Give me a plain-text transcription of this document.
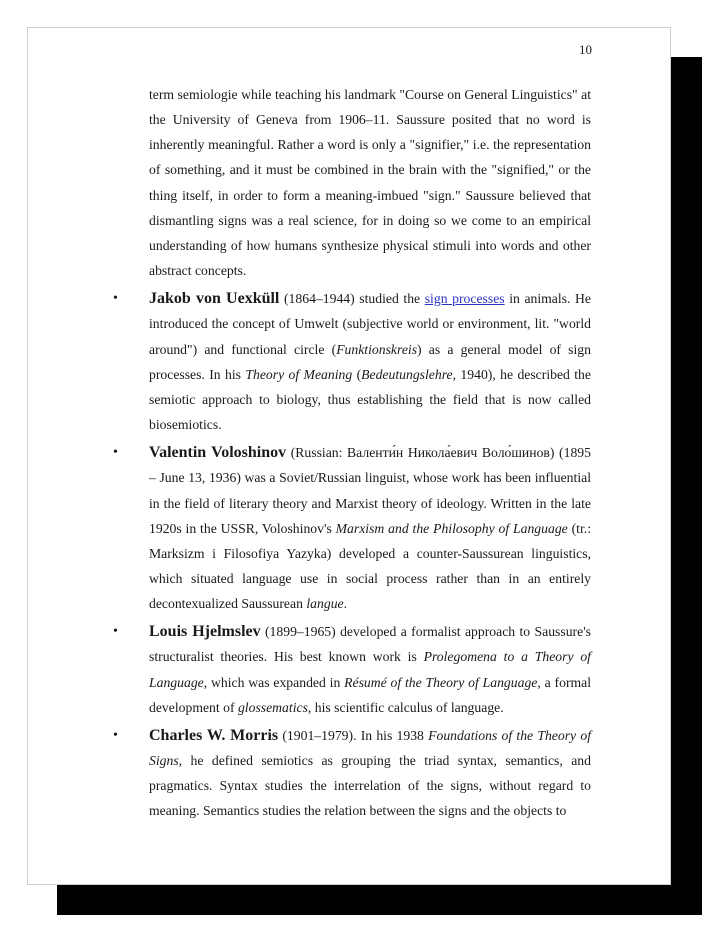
10

term semiologie while teaching his landmark "Course on General Linguistics" at the University of Geneva from 1906–11. Saussure posited that no word is inherently meaningful. Rather a word is only a "signifier," i.e. the representation of something, and it must be combined in the brain with the "signified," or the thing itself, in order to form a meaning-imbued "sign." Saussure believed that dismantling signs was a real science, for in doing so we come to an empirical understanding of how humans synthesize physical stimuli into words and other abstract concepts.

• Jakob von Uexküll (1864–1944) studied the sign processes in animals. He introduced the concept of Umwelt (subjective world or environment, lit. "world around") and functional circle (Funktionskreis) as a general model of sign processes. In his Theory of Meaning (Bedeutungslehre, 1940), he described the semiotic approach to biology, thus establishing the field that is now called biosemiotics.
• Valentin Voloshinov (Russian: Валенти́н Никола́евич Воло́шинов) (1895 – June 13, 1936) was a Soviet/Russian linguist, whose work has been influential in the field of literary theory and Marxist theory of ideology. Written in the late 1920s in the USSR, Voloshinov's Marxism and the Philosophy of Language (tr.: Marksizm i Filosofiya Yazyka) developed a counter-Saussurean linguistics, which situated language use in social process rather than in an entirely decontexualized Saussurean langue.
• Louis Hjelmslev (1899–1965) developed a formalist approach to Saussure's structuralist theories. His best known work is Prolegomena to a Theory of Language, which was expanded in Résumé of the Theory of Language, a formal development of glossematics, his scientific calculus of language.
• Charles W. Morris (1901–1979). In his 1938 Foundations of the Theory of Signs, he defined semiotics as grouping the triad syntax, semantics, and pragmatics. Syntax studies the interrelation of the signs, without regard to meaning. Semantics studies the relation between the signs and the objects to
